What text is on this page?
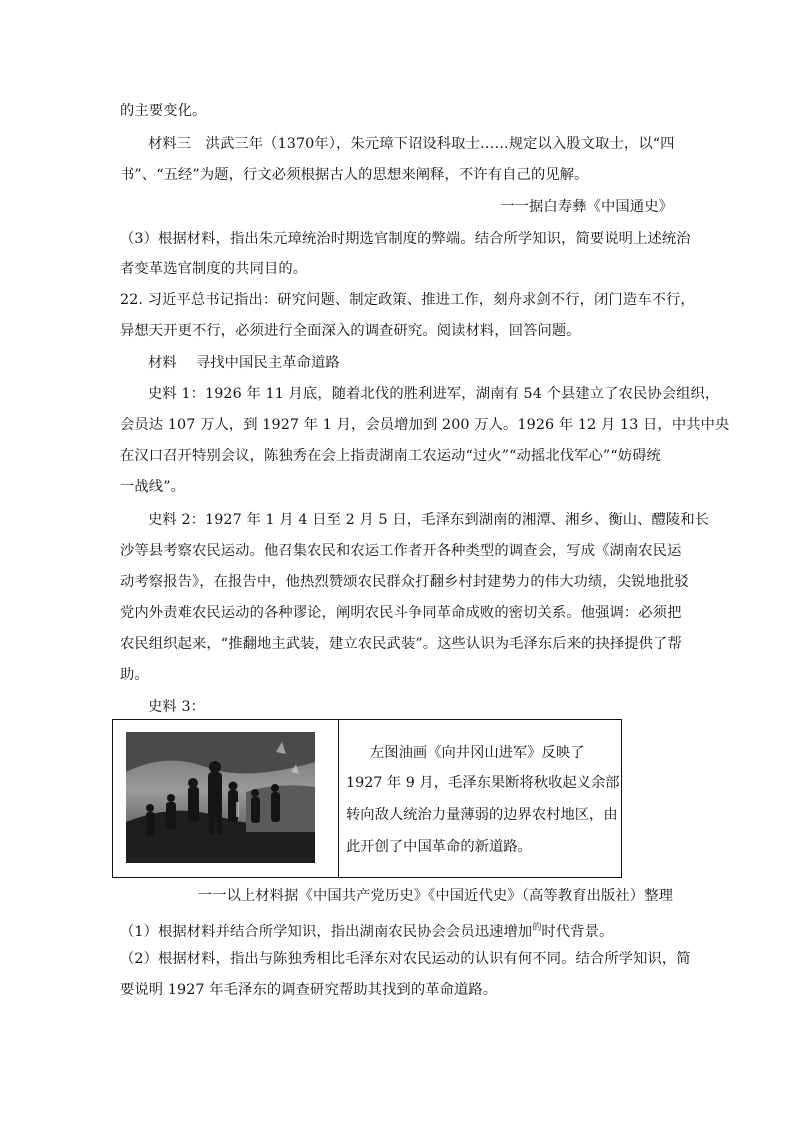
的主要变化。
材料三　洪武三年（1370年），朱元璋下诏设科取士……规定以入股文取士，以“四
书”、“五经”为题，行文必须根据古人的思想来阐释，不许有自己的见解。
一一据白寿彝《中国通史》
（3）根据材料，指出朱元璋统治时期选官制度的弊端。结合所学知识，简要说明上述统治
者变革选官制度的共同目的。
22. 习近平总书记指出：研究问题、制定政策、推进工作，刻舟求剑不行，闭门造车不行，
异想天开更不行，必须进行全面深入的调查研究。阅读材料，回答问题。
材料　 寻找中国民主革命道路
史料 1：1926 年 11 月底，随着北伐的胜利进军，湖南有 54 个县建立了农民协会组织，
会员达 107 万人，到 1927 年 1 月，会员增加到 200 万人。1926 年 12 月 13 日，中共中央
在汉口召开特别会议，陈独秀在会上指责湖南工农运动“过火”“动摇北伐军心”“妨碍统
一战线”。
史料 2：1927 年 1 月 4 日至 2 月 5 日，毛泽东到湖南的湘潭、湘乡、衡山、醴陵和长
沙等县考察农民运动。他召集农民和农运工作者开各种类型的调查会，写成《湖南农民运
动考察报告》，在报告中，他热烈赞颂农民群众打翻乡村封建势力的伟大功绩，尖锐地批驳
党内外责难农民运动的各种谬论，阐明农民斗争同革命成败的密切关系。他强调：必须把
农民组织起来，“推翻地主武装，建立农民武装”。这些认识为毛泽东后来的抉择提供了帮
助。
史料 3：
左图油画《向井冈山进军》反映了
1927 年 9 月，毛泽东果断将秋收起义余部
转向敌人统治力量薄弱的边界农村地区，由
此开创了中国革命的新道路。
一一以上材料据《中国共产党历史》《中国近代史》（高等教育出版社）整理
（1）根据材料并结合所学知识，指出湖南农民协会会员迅速增加$^的$时代背景。
（2）根据材料，指出与陈独秀相比毛泽东对农民运动的认识有何不同。结合所学知识，简
要说明 1927 年毛泽东的调查研究帮助其找到的革命道路。
